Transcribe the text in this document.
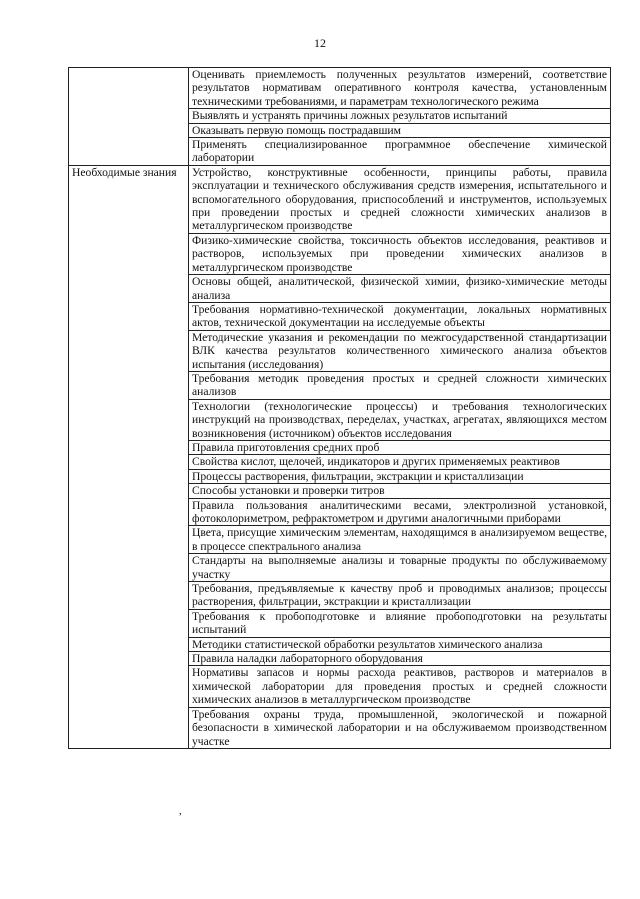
12
	Оценивать приемлемость полученных результатов измерений, соответствие результатов нормативам оперативного контроля качества, установленным техническими требованиями, и параметрам технологического режима
	Выявлять и устранять причины ложных результатов испытаний
	Оказывать первую помощь пострадавшим
	Применять специализированное программное обеспечение химической лаборатории
Необходимые знания	Устройство, конструктивные особенности, принципы работы, правила эксплуатации и технического обслуживания средств измерения, испытательного и вспомогательного оборудования, приспособлений и инструментов, используемых при проведении простых и средней сложности химических анализов в металлургическом производстве
	Физико-химические свойства, токсичность объектов исследования, реактивов и растворов, используемых при проведении химических анализов в металлургическом производстве
	Основы общей, аналитической, физической химии, физико-химические методы анализа
	Требования нормативно-технической документации, локальных нормативных актов, технической документации на исследуемые объекты
	Методические указания и рекомендации по межгосударственной стандартизации ВЛК качества результатов количественного химического анализа объектов испытания (исследования)
	Требования методик проведения простых и средней сложности химических анализов
	Технологии (технологические процессы) и требования технологических инструкций на производствах, переделах, участках, агрегатах, являющихся местом возникновения (источником) объектов исследования
	Правила приготовления средних проб
	Свойства кислот, щелочей, индикаторов и других применяемых реактивов
	Процессы растворения, фильтрации, экстракции и кристаллизации
	Способы установки и проверки титров
	Правила пользования аналитическими весами, электролизной установкой, фотоколориметром, рефрактометром и другими аналогичными приборами
	Цвета, присущие химическим элементам, находящимся в анализируемом веществе, в процессе спектрального анализа
	Стандарты на выполняемые анализы и товарные продукты по обслуживаемому участку
	Требования, предъявляемые к качеству проб и проводимых анализов; процессы растворения, фильтрации, экстракции и кристаллизации
	Требования к пробоподготовке и влияние пробоподготовки на результаты испытаний
	Методики статистической обработки результатов химического анализа
	Правила наладки лабораторного оборудования
	Нормативы запасов и нормы расхода реактивов, растворов и материалов в химической лаборатории для проведения простых и средней сложности химических анализов в металлургическом производстве
	Требования охраны труда, промышленной, экологической и пожарной безопасности в химической лаборатории и на обслуживаемом производственном участке
,
